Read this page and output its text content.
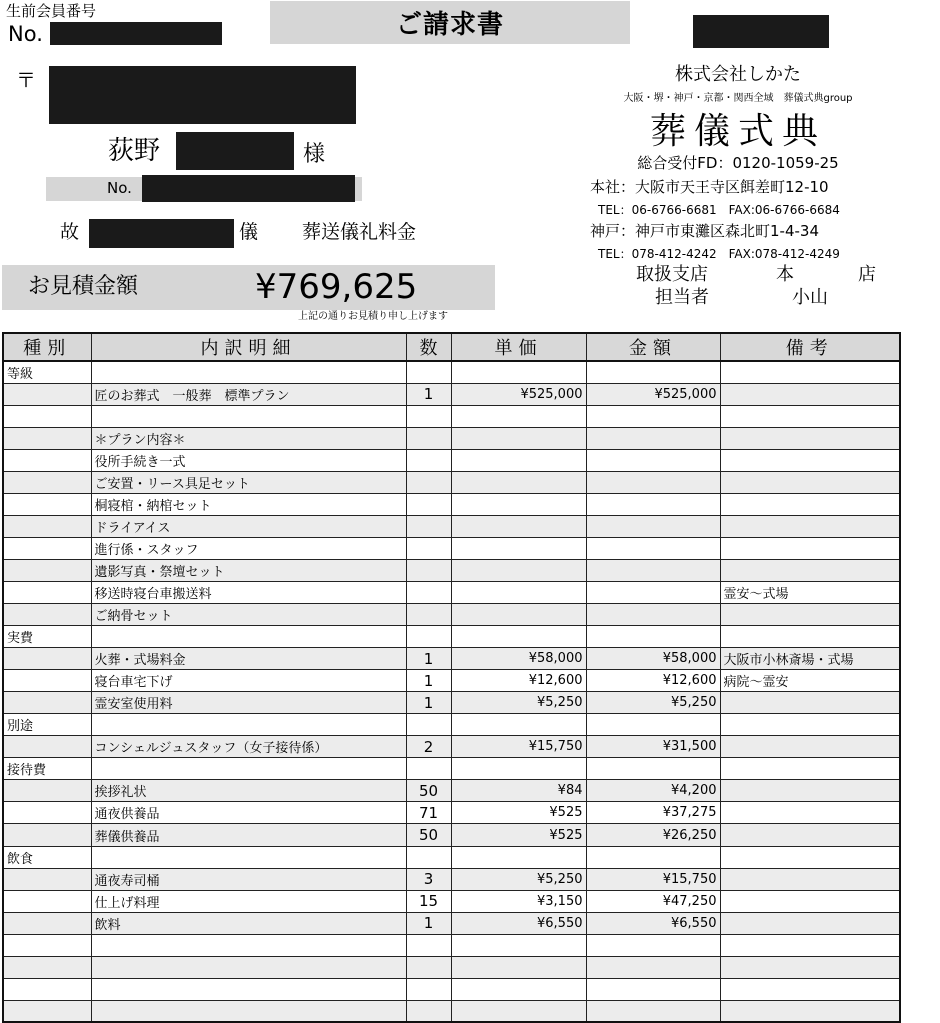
生前会員番号
No.	ご請求書
〒
荻野	様
No.
故	儀 葬送儀礼料金
お見積金額	¥769,625
上記の通りお見積り申し上げます
株式会社しかた
大阪・堺・神戸・京都・関西全域　葬儀式典group
葬儀式典
総合受付FD：0120-1059-25
本社：大阪市天王寺区餌差町12-10
TEL：06-6766-6681　FAX:06-6766-6684
神戸：神戸市東灘区森北町1-4-34
TEL：078-412-4242　FAX:078-412-4249
取扱支店	本店
担当者	小山
種別	内訳明細	数	単価	金額	備考
等級					
	匠のお葬式　一般葬　標準プラン	1	¥525,000	¥525,000	

	＊プラン内容＊				
	役所手続き一式				
	ご安置・リース具足セット				
	桐寝棺・納棺セット				
	ドライアイス				
	進行係・スタッフ				
	遺影写真・祭壇セット				
	移送時寝台車搬送料				霊安～式場
	ご納骨セット				
実費					
	火葬・式場料金	1	¥58,000	¥58,000	大阪市小林斎場・式場
	寝台車宅下げ	1	¥12,600	¥12,600	病院～霊安
	霊安室使用料	1	¥5,250	¥5,250	
別途					
	コンシェルジュスタッフ（女子接待係）	2	¥15,750	¥31,500	
接待費					
	挨拶礼状	50	¥84	¥4,200	
	通夜供養品	71	¥525	¥37,275	
	葬儀供養品	50	¥525	¥26,250	
飲食					
	通夜寿司桶	3	¥5,250	¥15,750	
	仕上げ料理	15	¥3,150	¥47,250	
	飲料	1	¥6,550	¥6,550	
